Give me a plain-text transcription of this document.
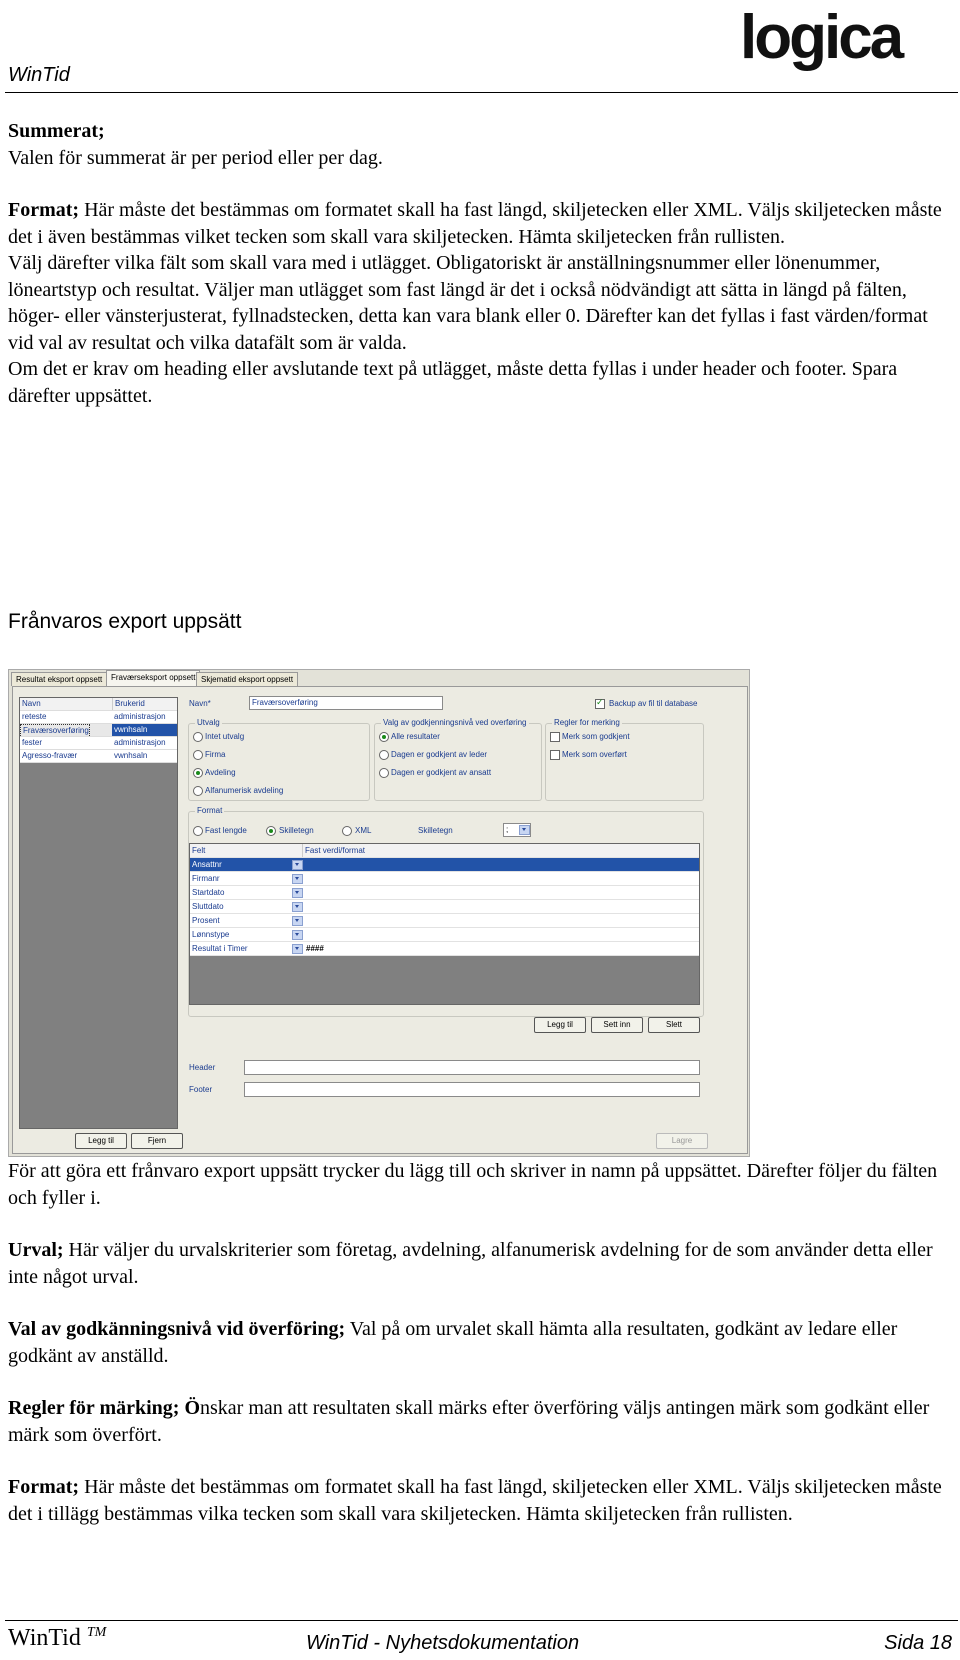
WinTid
logica

Summerat;

Valen för summerat är per period eller per dag.

Format; Här måste det bestämmas om formatet skall ha fast längd, skiljetecken eller XML. Väljs skiljetecken måste det i även bestämmas vilket tecken som skall vara skiljetecken. Hämta skiljetecken från rullisten.

Välj därefter vilka fält som skall vara med i utlägget. Obligatoriskt är anställningsnummer eller lönenummer, löneartstyp och resultat. Väljer man utlägget som fast längd är det i också nödvändigt att sätta in längd på fälten, höger- eller vänsterjusterat, fyllnadstecken, detta kan vara blank eller 0. Därefter kan det fyllas i fast värden/format vid val av resultat och vilka datafält som är valda.

Om det er krav om heading eller avslutande text på utlägget, måste detta fyllas i under header och footer. Spara därefter uppsättet.

Frånvaros export uppsätt
Resultat eksport oppsett	Fraværseksport oppsett Skjematid eksport oppsett
Navn	Brukerid
reteste	administrasjon
Fraværsoverføring	vwnhsaln
fester	administrasjon
Agresso-fravær	vwnhsaln
Navn*	Fraværsoverføring
✓	Backup av fil til database
Utvalg
Intet utvalg
Firma
Avdeling
Alfanumerisk avdeling
Valg av godkjenningsnivå ved overføring
Alle resultater
Dagen er godkjent av leder
Dagen er godkjent av ansatt
Regler for merking
Merk som godkjent
Merk som overført
Format
Fast lengde	Skilletegn	XML	Skilletegn	;
Felt	Fast verdi/format
Ansattnr
Firmanr
Startdato
Sluttdato
Prosent
Lønnstype
Resultat i Timer	####
Legg til	Sett inn	Slett
Header
Footer
Legg til	Fjern	Lagre

För att göra ett frånvaro export uppsätt trycker du lägg till och skriver in namn på uppsättet. Därefter följer du fälten och fyller i.

Urval; Här väljer du urvalskriterier som företag, avdelning, alfanumerisk avdelning for de som använder detta eller inte något urval.

Val av godkänningsnivå vid överföring; Val på om urvalet skall hämta alla resultaten, godkänt av ledare eller godkänt av anställd.

Regler för märking; Önskar man att resultaten skall märks efter överföring väljs antingen märk som godkänt eller märk som överfört.

Format; Här måste det bestämmas om formatet skall ha fast längd, skiljetecken eller XML. Väljs skiljetecken måste det i tillägg bestämmas vilka tecken som skall vara skiljetecken. Hämta skiljetecken från rullisten.

WinTid ™	WinTid - Nyhetsdokumentation	Sida 18
